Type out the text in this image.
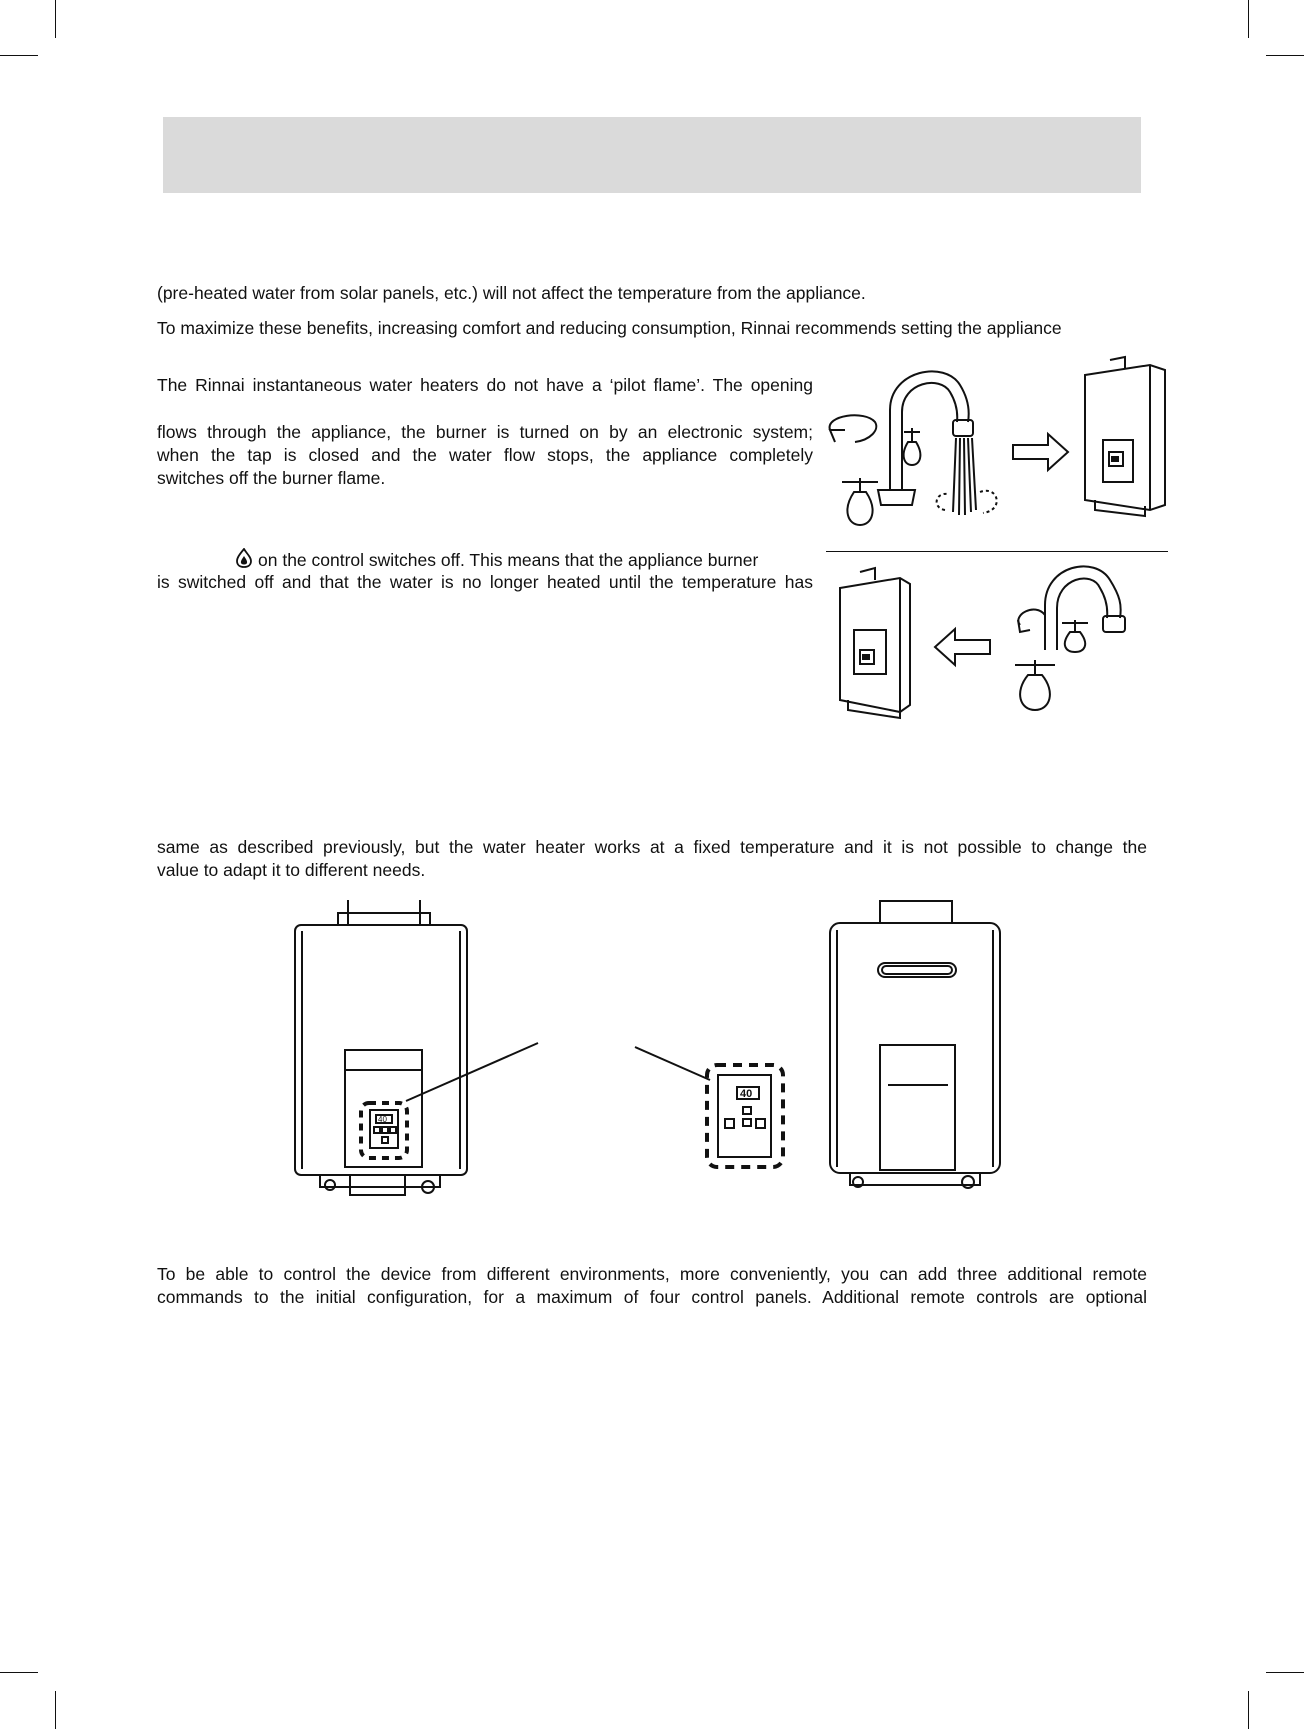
(pre-heated water from solar panels, etc.) will not affect the temperature from the appliance.
To maximize these benefits, increasing comfort and reducing consumption, Rinnai recommends setting the appliance
The Rinnai instantaneous water heaters do not have a ‘pilot flame’. The opening
flows through the appliance, the burner is turned on by an electronic system;
when the tap is closed and the water flow stops, the appliance completely
switches off the burner flame.
on the control switches off. This means that the appliance burner
is switched off and that the water is no longer heated until the temperature has
same as described previously, but the water heater works at a fixed temperature and it is not possible to change the
value to adapt it to different needs.
To be able to control the device from different environments, more conveniently, you can add three additional remote
commands to the initial configuration, for a maximum of four control panels. Additional remote controls are optional
40
40
